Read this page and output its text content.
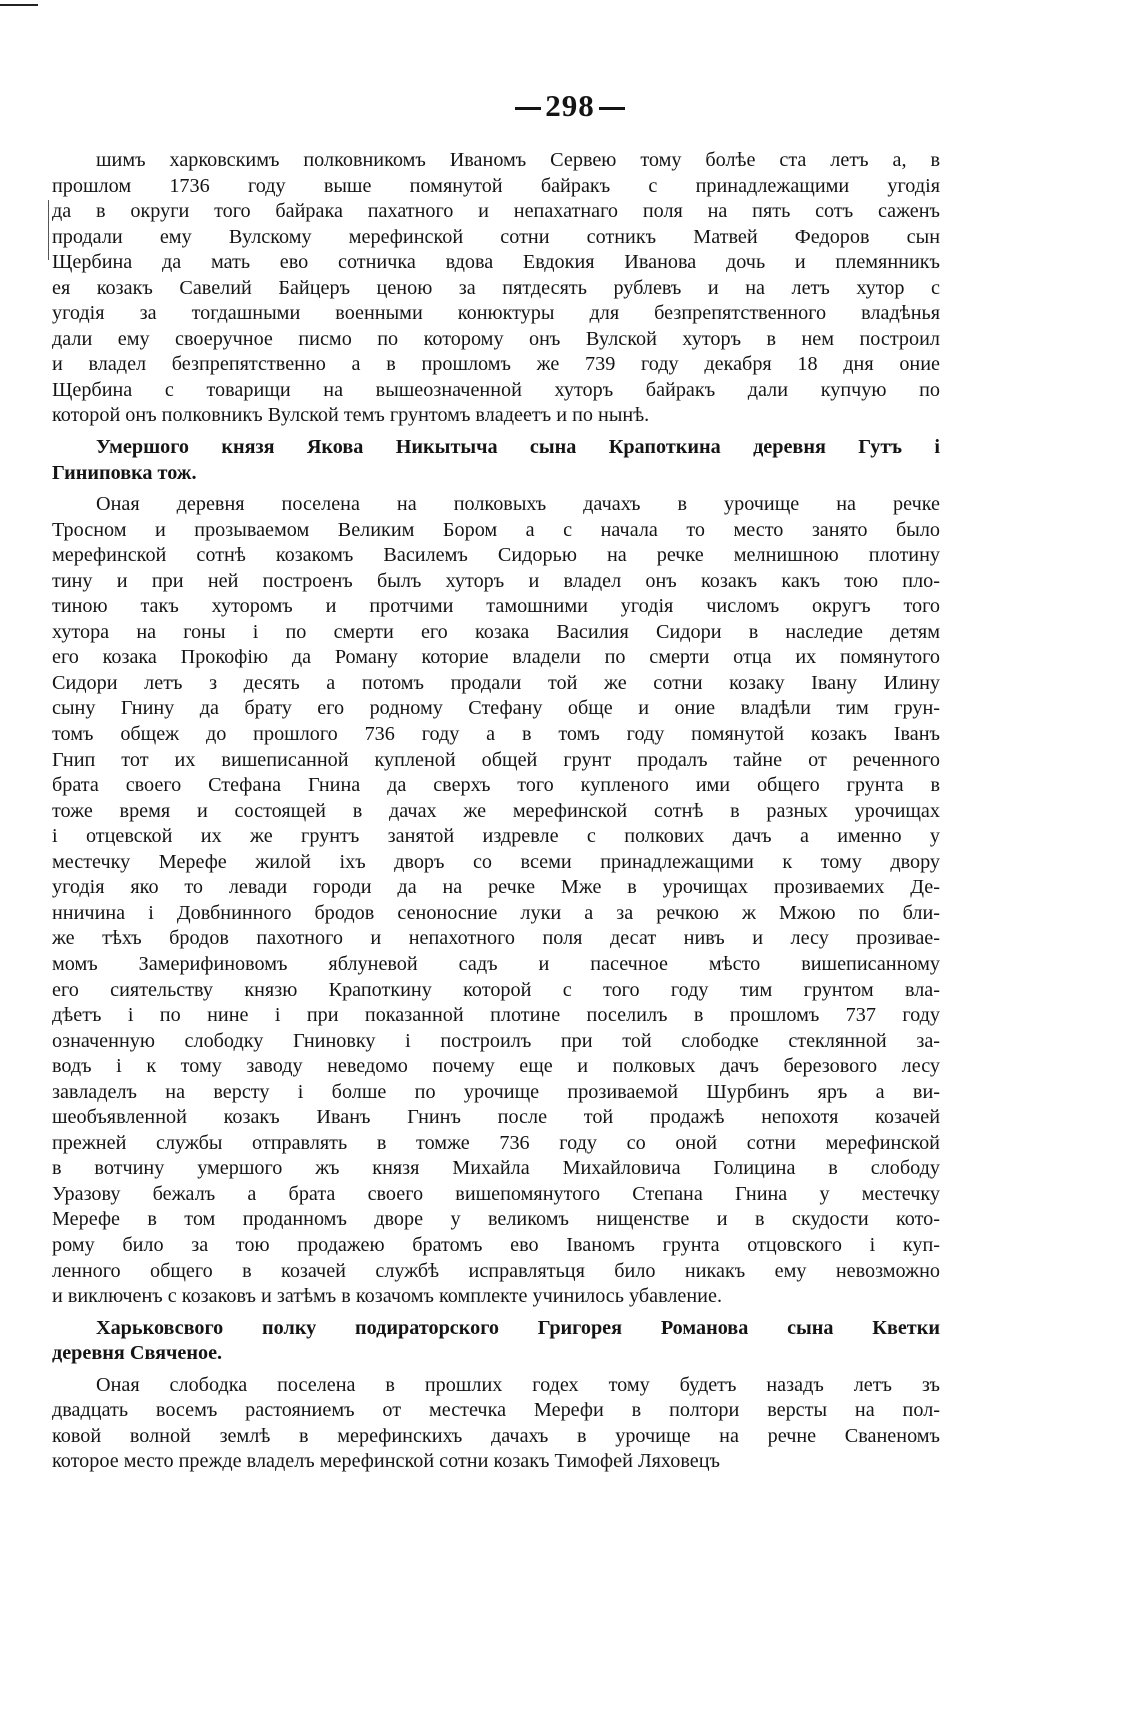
298
шимъ харковскимъ полковникомъ Иваномъ Сервею тому болѣе ста летъ а, в
прошлом 1736 году выше помянутой байракъ с принадлежащими угодія
да в округи того байрака пахатного и непахатнаго поля на пять сотъ саженъ
продали ему Вулскому мерефинской сотни сотникъ Матвей Федоров сын
Щербина да мать ево сотничка вдова Евдокия Иванова дочь и племянникъ
ея козакъ Савелий Байцеръ ценою за пятдесять рублевъ и на летъ хутор с
угодія за тогдашными военными конюктуры для безпрепятственного владѣнья
дали ему своеручное писмо по которому онъ Вулской хуторъ в нем построил
и владел безпрепятственно а в прошломъ же 739 году декабря 18 дня оние
Щербина с товарищи на вышеозначенной хуторъ байракъ дали купчую по
которой онъ полковникъ Вулской темъ грунтомъ владеетъ и по нынѣ.
Умершого князя Якова Никытыча сына Крапоткина деревня Гутъ i
Гиниповка тож.
Оная деревня поселена на полковыхъ дачахъ в урочище на речке
Тросном и прозываемом Великим Бором а с начала то место занято было
мерефинской сотнѣ козакомъ Василемъ Сидорью на речке мелнишною плотину
тину и при ней построенъ былъ хуторъ и владел онъ козакъ какъ тою пло-
тиною такъ хуторомъ и протчими тамошними угодія числомъ округъ того
хутора на гоны i по смерти его козака Василия Сидори в наследие детям
его козака Прокофію да Роману которие владели по смерти отца их помянутого
Сидори летъ з десять а потомъ продали той же сотни козаку Івану Илину
сыну Гнину да брату его родному Стефану обще и оние владѣли тим грун-
томъ общеж до прошлого 736 году а в томъ году помянутой козакъ Іванъ
Гнип тот их вишеписанной купленой общей грунт продалъ тайне от реченного
брата своего Стефана Гнина да сверхъ того купленого ими общего грунта в
тоже время и состоящей в дачах же мерефинской сотнѣ в разных урочищах
і отцевской их же грунтъ занятой издревле с полкових дачъ а именно у
местечку Мерефе жилой ixъ дворъ со всеми принадлежащими к тому двору
угодія яко то левади городи да на речке Мже в урочищах прозиваемих Де-
нничина і Довбнинного бродов сеноносние луки а за речкою ж Мжою по бли-
же тѣхъ бродов пахотного и непахотного поля десат нивъ и лесу прозивае-
момъ Замерифиновомъ яблуневой садъ и пасечное мѣсто вишеписанному
его сиятельству князю Крапоткину которой с того году тим грунтом вла-
дѣетъ і по нине і при показанной плотине поселилъ в прошломъ 737 году
означенную слободку Гниновку і построилъ при той слободке стеклянной за-
водъ i к тому заводу неведомо почему еще и полковых дачъ березового лесу
завладелъ на версту і болше по урочище прозиваемой Шурбинъ яръ а ви-
шеобъявленной козакъ Иванъ Гнинъ после той продажѣ непохотя козачей
прежней службы отправлять в томже 736 году со оной сотни мерефинской
в вотчину умершого жъ князя Михайла Михайловича Голицина в слободу
Уразову бежалъ а брата своего вишепомянутого Степана Гнина у местечку
Мерефе в том проданномъ дворе у великомъ нищенстве и в скудости кото-
рому било за тою продажею братомъ ево Іваномъ грунта отцовского і куп-
ленного общего в козачей службѣ исправлятьця било никакъ ему невозможно
и виключенъ с козаковъ и затѣмъ в козачомъ комплекте учинилось убавление.
Харьковсвого полку подираторского Григорея Романова сына Кветки
деревня Свяченое.
Оная слободка поселена в прошлих годех тому будетъ назадъ летъ зъ
двадцать восемъ растояниемъ от местечка Мерефи в полтори версты на пол-
ковой волной землѣ в мерефинскихъ дачахъ в урочище на речне Сваненомъ
которое место прежде владелъ мерефинской сотни козакъ Тимофей Ляховецъ
